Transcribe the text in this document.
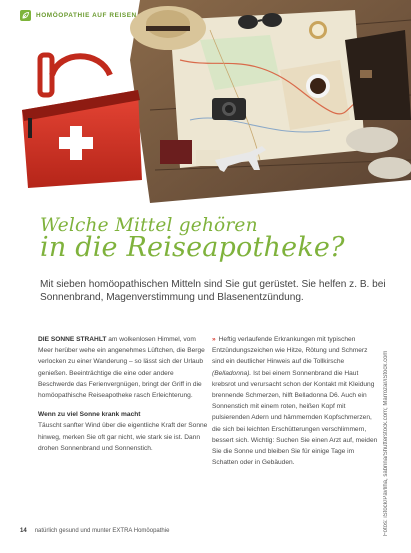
HOMÖOPATHIE AUF REISEN
Welche Mittel gehören
in die Reiseapotheke?
Mit sieben homöopathischen Mitteln sind Sie gut gerüstet. Sie helfen z. B. bei Sonnenbrand, Magenverstimmung und Blasenentzündung.

DIE SONNE STRAHLT am wolkenlosen Himmel, vom Meer herüber wehe ein angenehmes Lüftchen, die Berge verlocken zu einer Wanderung – so lässt sich der Urlaub genießen. Beeinträchtige die eine oder andere Beschwerde das Ferienvergnügen, bringt der Griff in die homöopathische Reiseapotheke rasch Erleichterung.

Wenn zu viel Sonne krank macht

Täuscht sanfter Wind über die eigentliche Kraft der Sonne hinweg, merken Sie oft gar nicht, wie stark sie ist. Dann drohen Sonnenbrand und Sonnenstich.

» Heftig verlaufende Erkrankungen mit typischen Entzündungszeichen wie Hitze, Rötung und Schmerz sind ein deutlicher Hinweis auf die Tollkirsche (Belladonna). Ist bei einem Sonnenbrand die Haut krebsrot und verursacht schon der Kontakt mit Kleidung brennende Schmerzen, hilft Belladonna D6. Auch ein Sonnenstich mit einem roten, heißen Kopf mit pulsierenden Adern und hämmernden Kopfschmerzen, die sich bei leichten Erschütterungen verschlimmern, bessert sich. Wichtig: Suchen Sie einen Arzt auf, meiden Sie die Sonne und bleiben Sie für einige Tage im Schatten oder in Gebäuden.	Fotos: iStock/Pavliha, sabrina/Shutterstock.com; Marrozar/iStock.com
14 natürlich gesund und munter EXTRA Homöopathie
